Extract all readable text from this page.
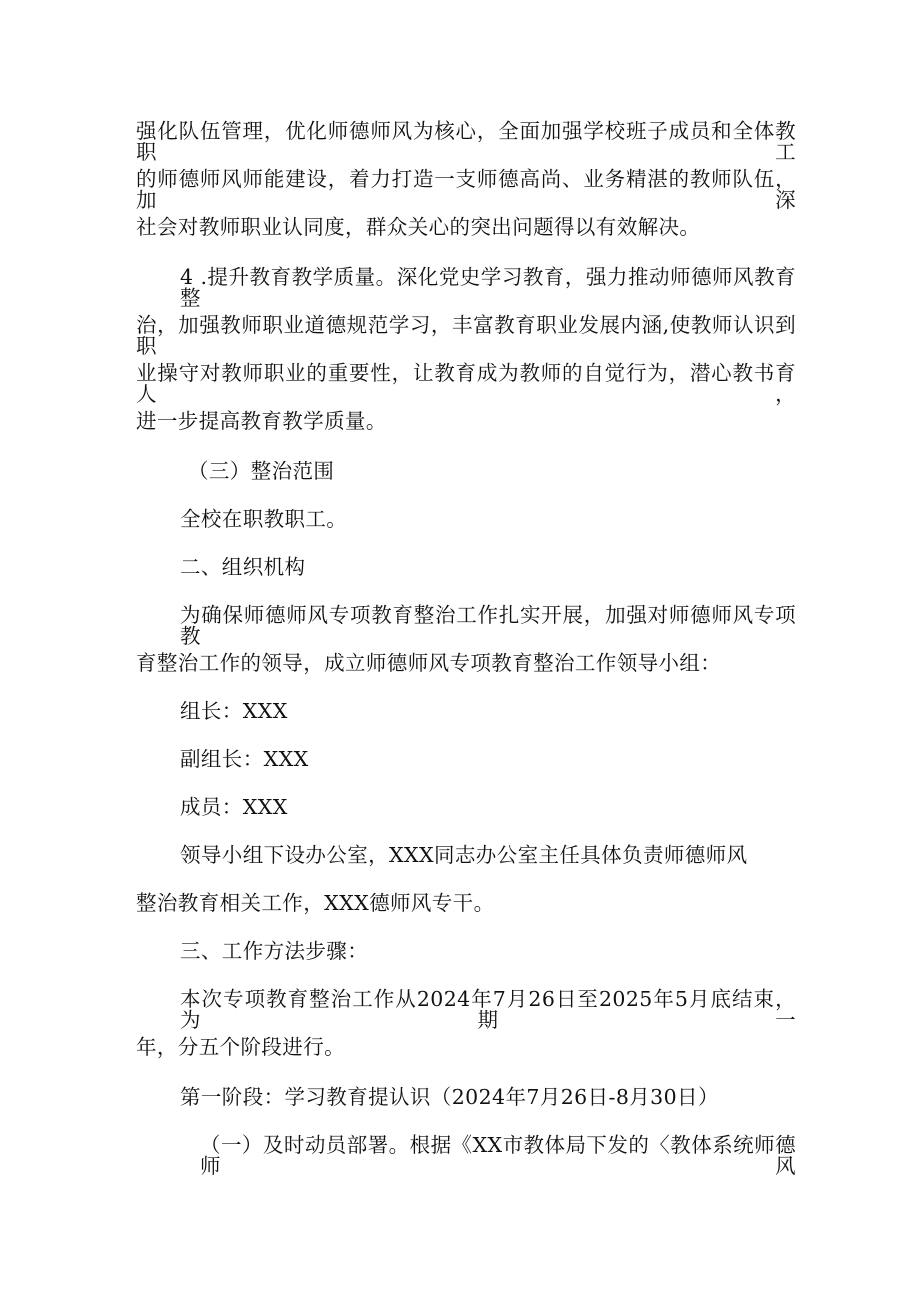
强化队伍管理，优化师德师风为核心，全面加强学校班子成员和全体教职工
的师德师风师能建设，着力打造一支师德高尚、业务精湛的教师队伍，加深
社会对教师职业认同度，群众关心的突出问题得以有效解决。
4 .提升教育教学质量。深化党史学习教育，强力推动师德师风教育整
治，加强教师职业道德规范学习，丰富教育职业发展内涵,使教师认识到职
业操守对教师职业的重要性，让教育成为教师的自觉行为，潜心教书育人，
进一步提高教育教学质量。
（三）整治范围
全校在职教职工。
二、组织机构
为确保师德师风专项教育整治工作扎实开展，加强对师德师风专项教
育整治工作的领导，成立师德师风专项教育整治工作领导小组：
组长：XXX
副组长：XXX
成员：XXX
领导小组下设办公室，XXX同志办公室主任具体负责师德师风
整治教育相关工作，XXX德师风专干。
三、工作方法步骤：
本次专项教育整治工作从2024年7月26日至2025年5月底结束，为期一
年，分五个阶段进行。
第一阶段：学习教育提认识（2024年7月26日-8月30日）
（一）及时动员部署。根据《XX市教体局下发的〈教体系统师德师风
